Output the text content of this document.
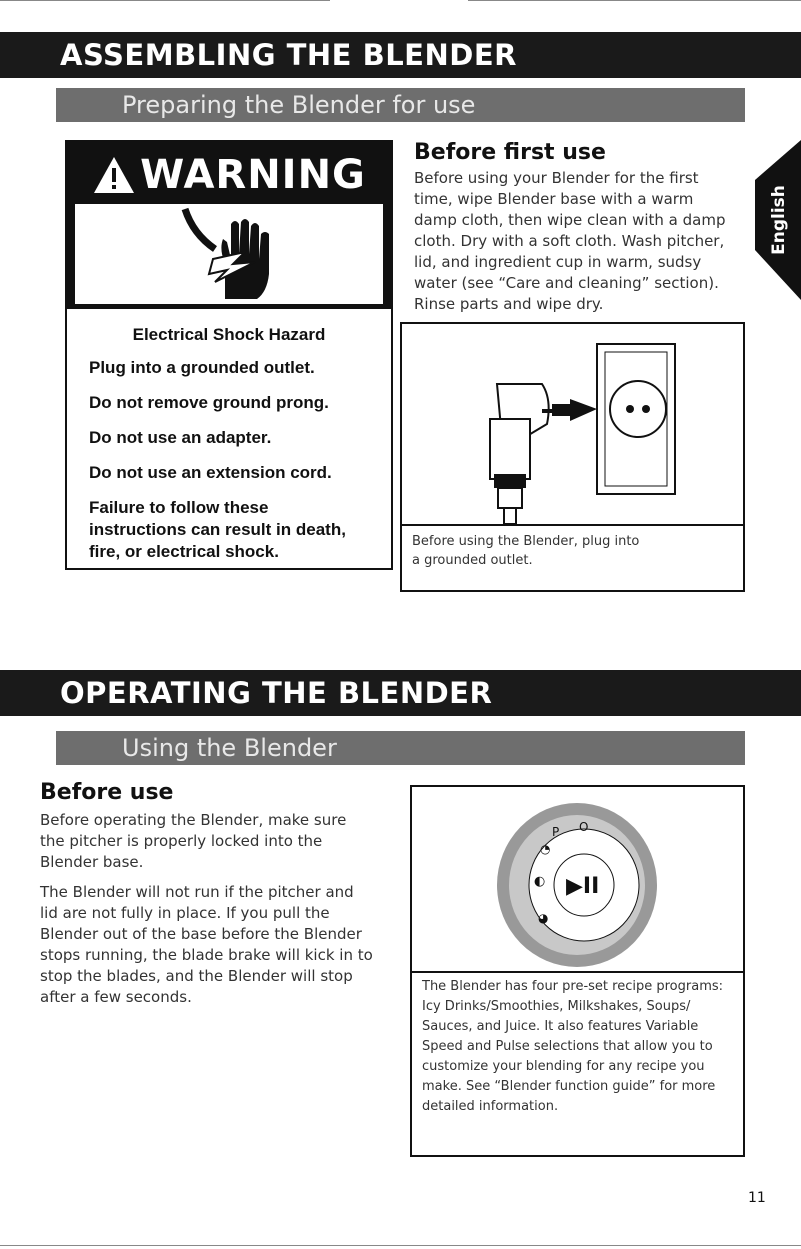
ASSEMBLING THE BLENDER
Preparing the Blender for use
English
WARNING
Electrical Shock Hazard
Plug into a grounded outlet.
Do not remove ground prong.
Do not use an adapter.
Do not use an extension cord.
Failure to follow these
instructions can result in death,
fire, or electrical shock.
Before first use
Before using your Blender for the first
time, wipe Blender base with a warm
damp cloth, then wipe clean with a damp
cloth. Dry with a soft cloth. Wash pitcher,
lid, and ingredient cup in warm, sudsy
water (see “Care and cleaning” section).
Rinse parts and wipe dry.
Before using the Blender, plug into
a grounded outlet.
OPERATING THE BLENDER
Using the Blender
Before use
Before operating the Blender, make sure
the pitcher is properly locked into the
Blender base.
The Blender will not run if the pitcher and
lid are not fully in place. If you pull the
Blender out of the base before the Blender
stops running, the blade brake will kick in to
stop the blades, and the Blender will stop
after a few seconds.
P O
◔
◐
◕
▶II
The Blender has four pre-set recipe programs:
Icy Drinks/Smoothies, Milkshakes, Soups/
Sauces, and Juice. It also features Variable
Speed and Pulse selections that allow you to
customize your blending for any recipe you
make. See “Blender function guide” for more
detailed information.
11
